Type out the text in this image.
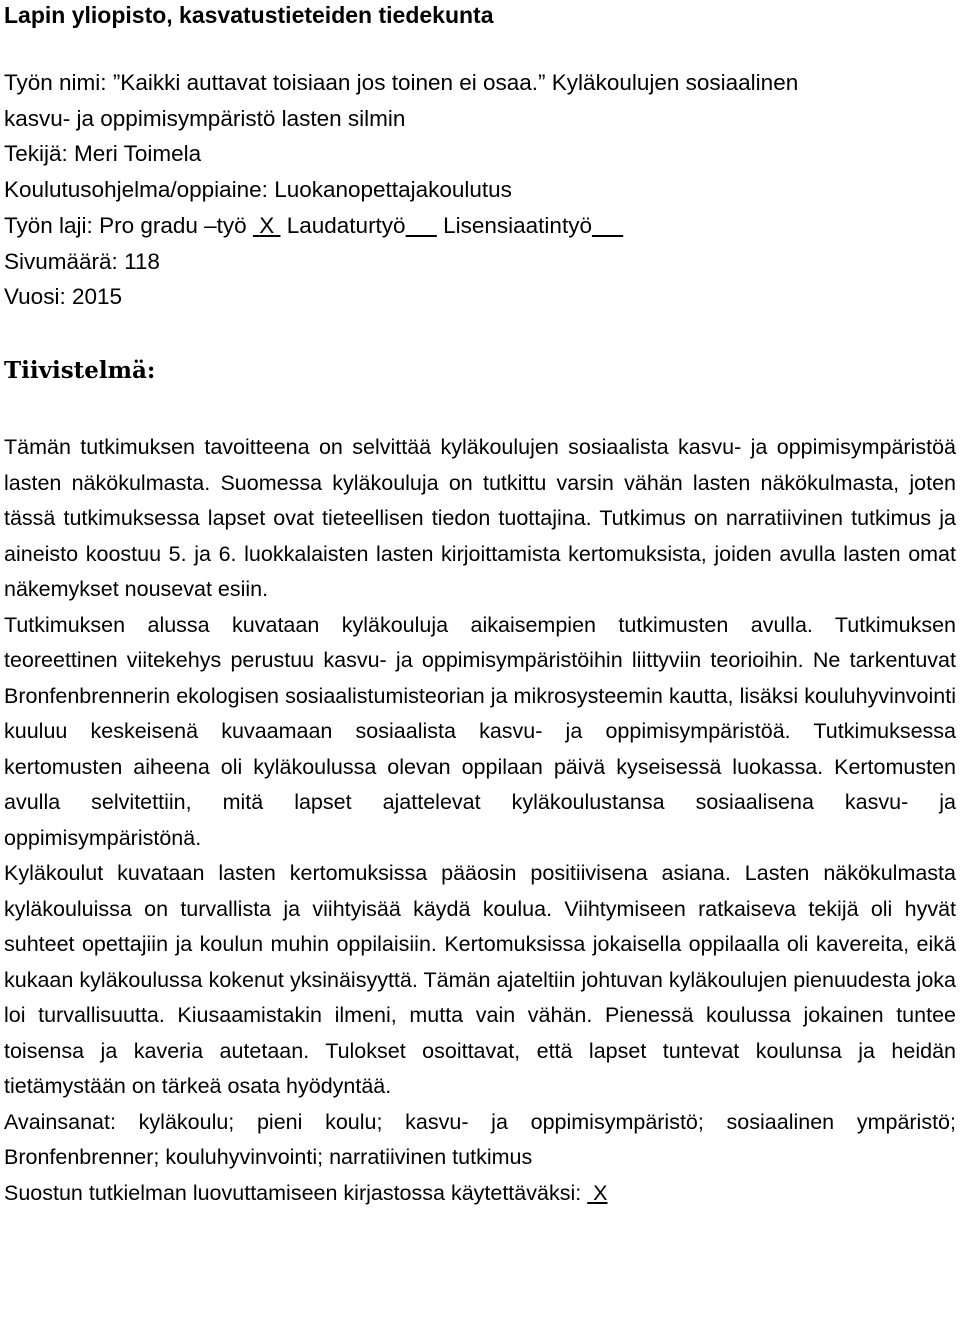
Lapin yliopisto, kasvatustieteiden tiedekunta
Työn nimi: ”Kaikki auttavat toisiaan jos toinen ei osaa.” Kyläkoulujen sosiaalinen
kasvu- ja oppimisympäristö lasten silmin
Tekijä: Meri Toimela
Koulutusohjelma/oppiaine: Luokanopettajakoulutus
Työn laji: Pro gradu –työ X Laudaturtyö Lisensiaatintyö
Sivumäärä: 118
Vuosi: 2015
Tiivistelmä:

Tämän tutkimuksen tavoitteena on selvittää kyläkoulujen sosiaalista kasvu- ja oppimisympäristöä lasten näkökulmasta. Suomessa kyläkouluja on tutkittu varsin vähän lasten näkökulmasta, joten tässä tutkimuksessa lapset ovat tieteellisen tiedon tuottajina. Tutkimus on narratiivinen tutkimus ja aineisto koostuu 5. ja 6. luokkalaisten lasten kirjoittamista kertomuksista, joiden avulla lasten omat näkemykset nousevat esiin.

Tutkimuksen alussa kuvataan kyläkouluja aikaisempien tutkimusten avulla. Tutkimuksen teoreettinen viitekehys perustuu kasvu- ja oppimisympäristöihin liittyviin teorioihin. Ne tarkentuvat Bronfenbrennerin ekologisen sosiaalistumisteorian ja mikrosysteemin kautta, lisäksi kouluhyvinvointi kuuluu keskeisenä kuvaamaan sosiaalista kasvu- ja oppimisympäristöä. Tutkimuksessa kertomusten aiheena oli kyläkoulussa olevan oppilaan päivä kyseisessä luokassa. Kertomusten avulla selvitettiin, mitä lapset ajattelevat kyläkoulustansa sosiaalisena kasvu- ja oppimisympäristönä.

Kyläkoulut kuvataan lasten kertomuksissa pääosin positiivisena asiana. Lasten näkökulmasta kyläkouluissa on turvallista ja viihtyisää käydä koulua. Viihtymiseen ratkaiseva tekijä oli hyvät suhteet opettajiin ja koulun muhin oppilaisiin. Kertomuksissa jokaisella oppilaalla oli kavereita, eikä kukaan kyläkoulussa kokenut yksinäisyyttä. Tämän ajateltiin johtuvan kyläkoulujen pienuudesta joka loi turvallisuutta. Kiusaamistakin ilmeni, mutta vain vähän. Pienessä koulussa jokainen tuntee toisensa ja kaveria autetaan. Tulokset osoittavat, että lapset tuntevat koulunsa ja heidän tietämystään on tärkeä osata hyödyntää.

Avainsanat: kyläkoulu; pieni koulu; kasvu- ja oppimisympäristö; sosiaalinen ympäristö; Bronfenbrenner; kouluhyvinvointi; narratiivinen tutkimus

Suostun tutkielman luovuttamiseen kirjastossa käytettäväksi: X
